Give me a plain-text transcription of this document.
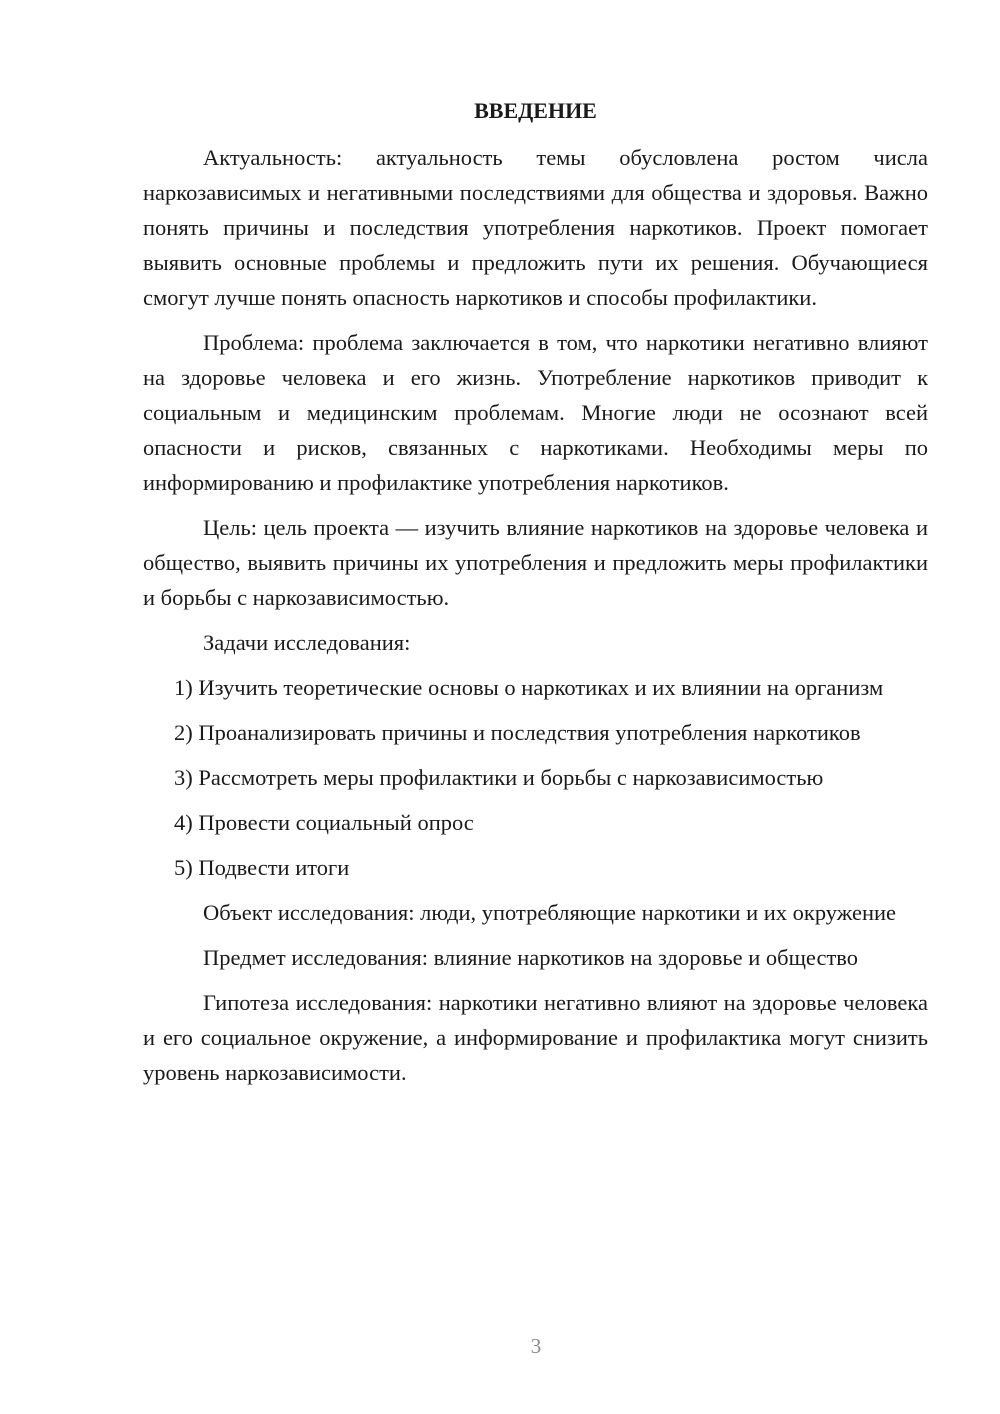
ВВЕДЕНИЕ

Актуальность: актуальность темы обусловлена ростом числа наркозависимых и негативными последствиями для общества и здоровья. Важно понять причины и последствия употребления наркотиков. Проект помогает выявить основные проблемы и предложить пути их решения. Обучающиеся смогут лучше понять опасность наркотиков и способы профилактики.

Проблема: проблема заключается в том, что наркотики негативно влияют на здоровье человека и его жизнь. Употребление наркотиков приводит к социальным и медицинским проблемам. Многие люди не осознают всей опасности и рисков, связанных с наркотиками. Необходимы меры по информированию и профилактике употребления наркотиков.

Цель: цель проекта — изучить влияние наркотиков на здоровье человека и общество, выявить причины их употребления и предложить меры профилактики и борьбы с наркозависимостью.

Задачи исследования:

1) Изучить теоретические основы о наркотиках и их влиянии на организм

2) Проанализировать причины и последствия употребления наркотиков

3) Рассмотреть меры профилактики и борьбы с наркозависимостью

4) Провести социальный опрос

5) Подвести итоги

Объект исследования: люди, употребляющие наркотики и их окружение

Предмет исследования: влияние наркотиков на здоровье и общество

Гипотеза исследования: наркотики негативно влияют на здоровье человека и его социальное окружение, а информирование и профилактика могут снизить уровень наркозависимости.

3
